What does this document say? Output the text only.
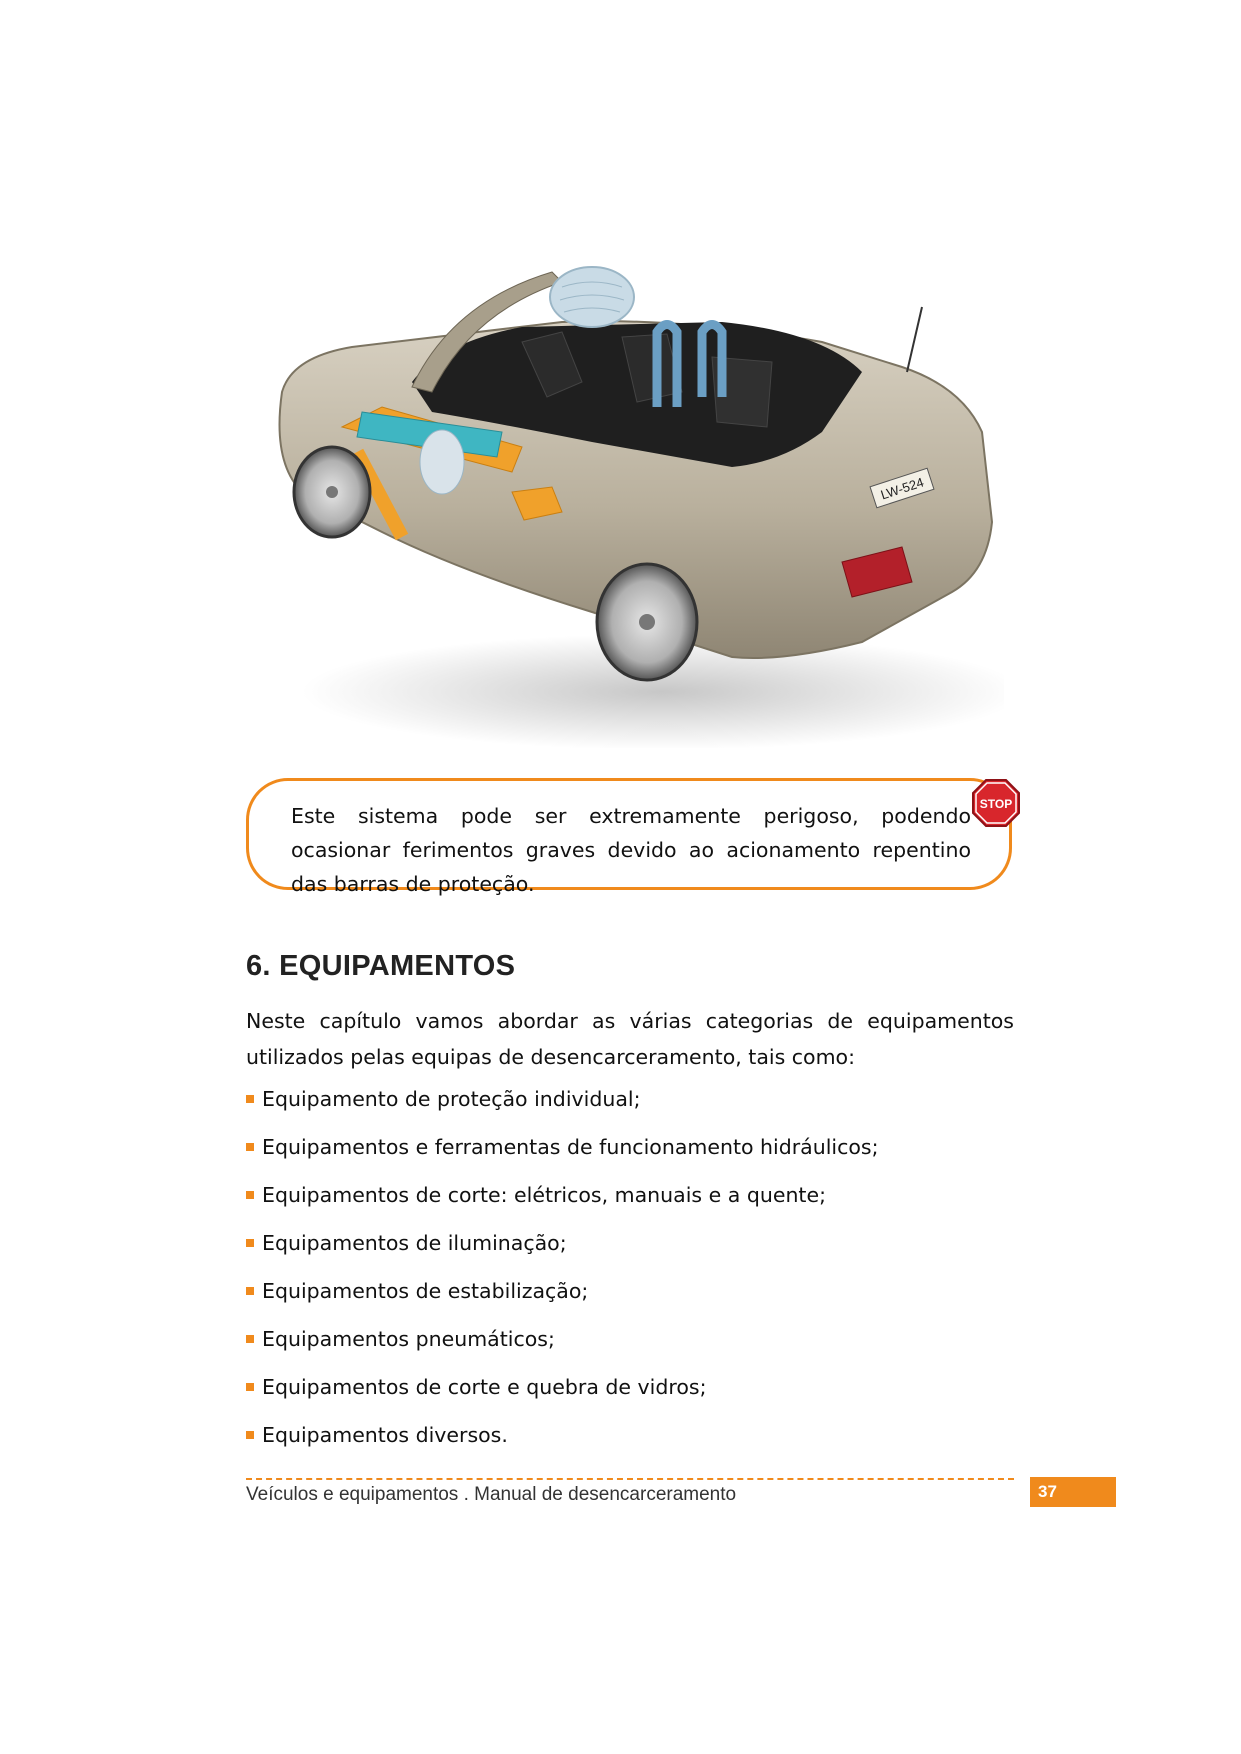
LW-524
Este sistema pode ser extremamente perigoso, podendo ocasionar ferimentos graves devido ao acionamento repentino das barras de proteção.
STOP
6. EQUIPAMENTOS

Neste capítulo vamos abordar as várias categorias de equipamentos utilizados pelas equipas de desencarceramento, tais como:

Equipamento de proteção individual;
Equipamentos e ferramentas de funcionamento hidráulicos;
Equipamentos de corte: elétricos, manuais e a quente;
Equipamentos de iluminação;
Equipamentos de estabilização;
Equipamentos pneumáticos;
Equipamentos de corte e quebra de vidros;
Equipamentos diversos.
Veículos e equipamentos . Manual de desencarceramento	37
